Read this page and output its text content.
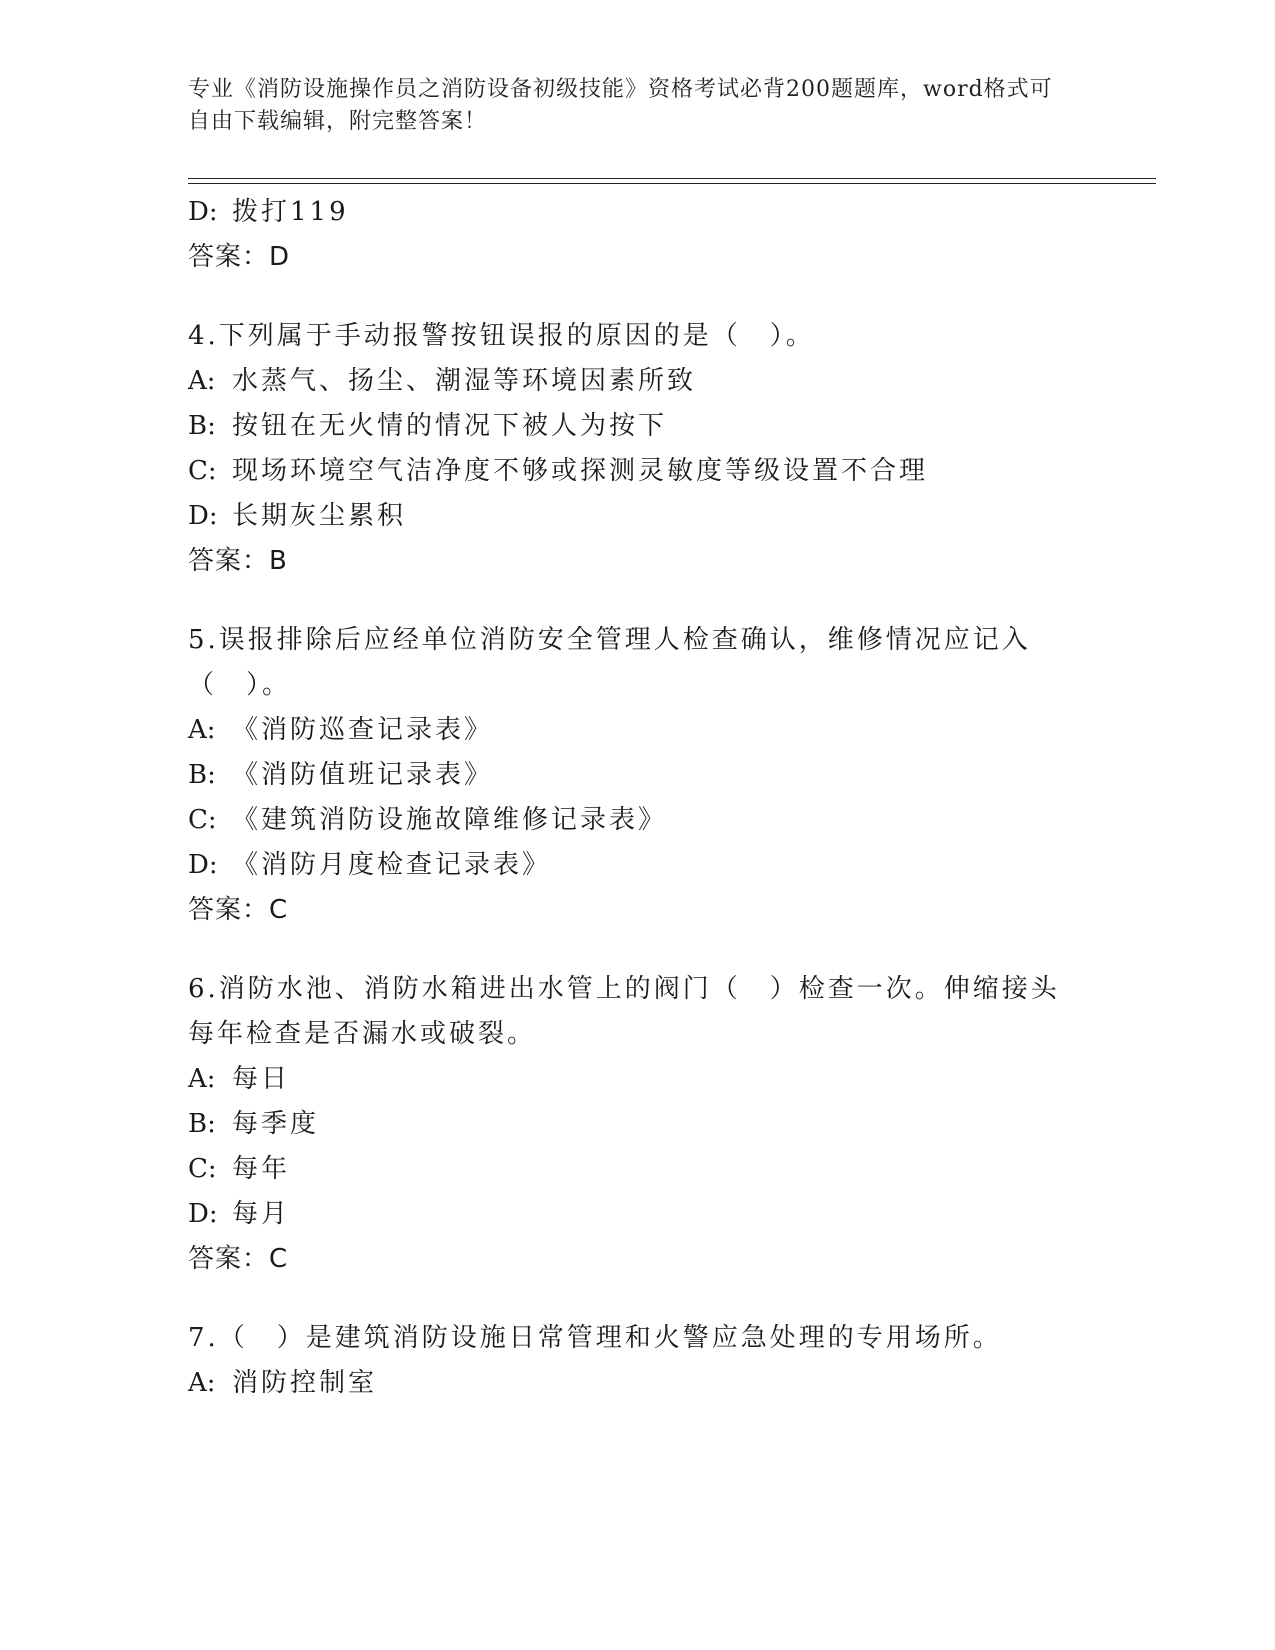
专业《消防设施操作员之消防设备初级技能》资格考试必背200题题库，word格式可自由下载编辑，附完整答案！
D: 拨打119
答案：D
4.下列属于手动报警按钮误报的原因的是（　）。
A: 水蒸气、扬尘、潮湿等环境因素所致
B: 按钮在无火情的情况下被人为按下
C: 现场环境空气洁净度不够或探测灵敏度等级设置不合理
D: 长期灰尘累积
答案：B
5.误报排除后应经单位消防安全管理人检查确认，维修情况应记入（　）。
A: 《消防巡查记录表》
B: 《消防值班记录表》
C: 《建筑消防设施故障维修记录表》
D: 《消防月度检查记录表》
答案：C
6.消防水池、消防水箱进出水管上的阀门（　）检查一次。伸缩接头每年检查是否漏水或破裂。
A: 每日
B: 每季度
C: 每年
D: 每月
答案：C
7.（　）是建筑消防设施日常管理和火警应急处理的专用场所。
A: 消防控制室
